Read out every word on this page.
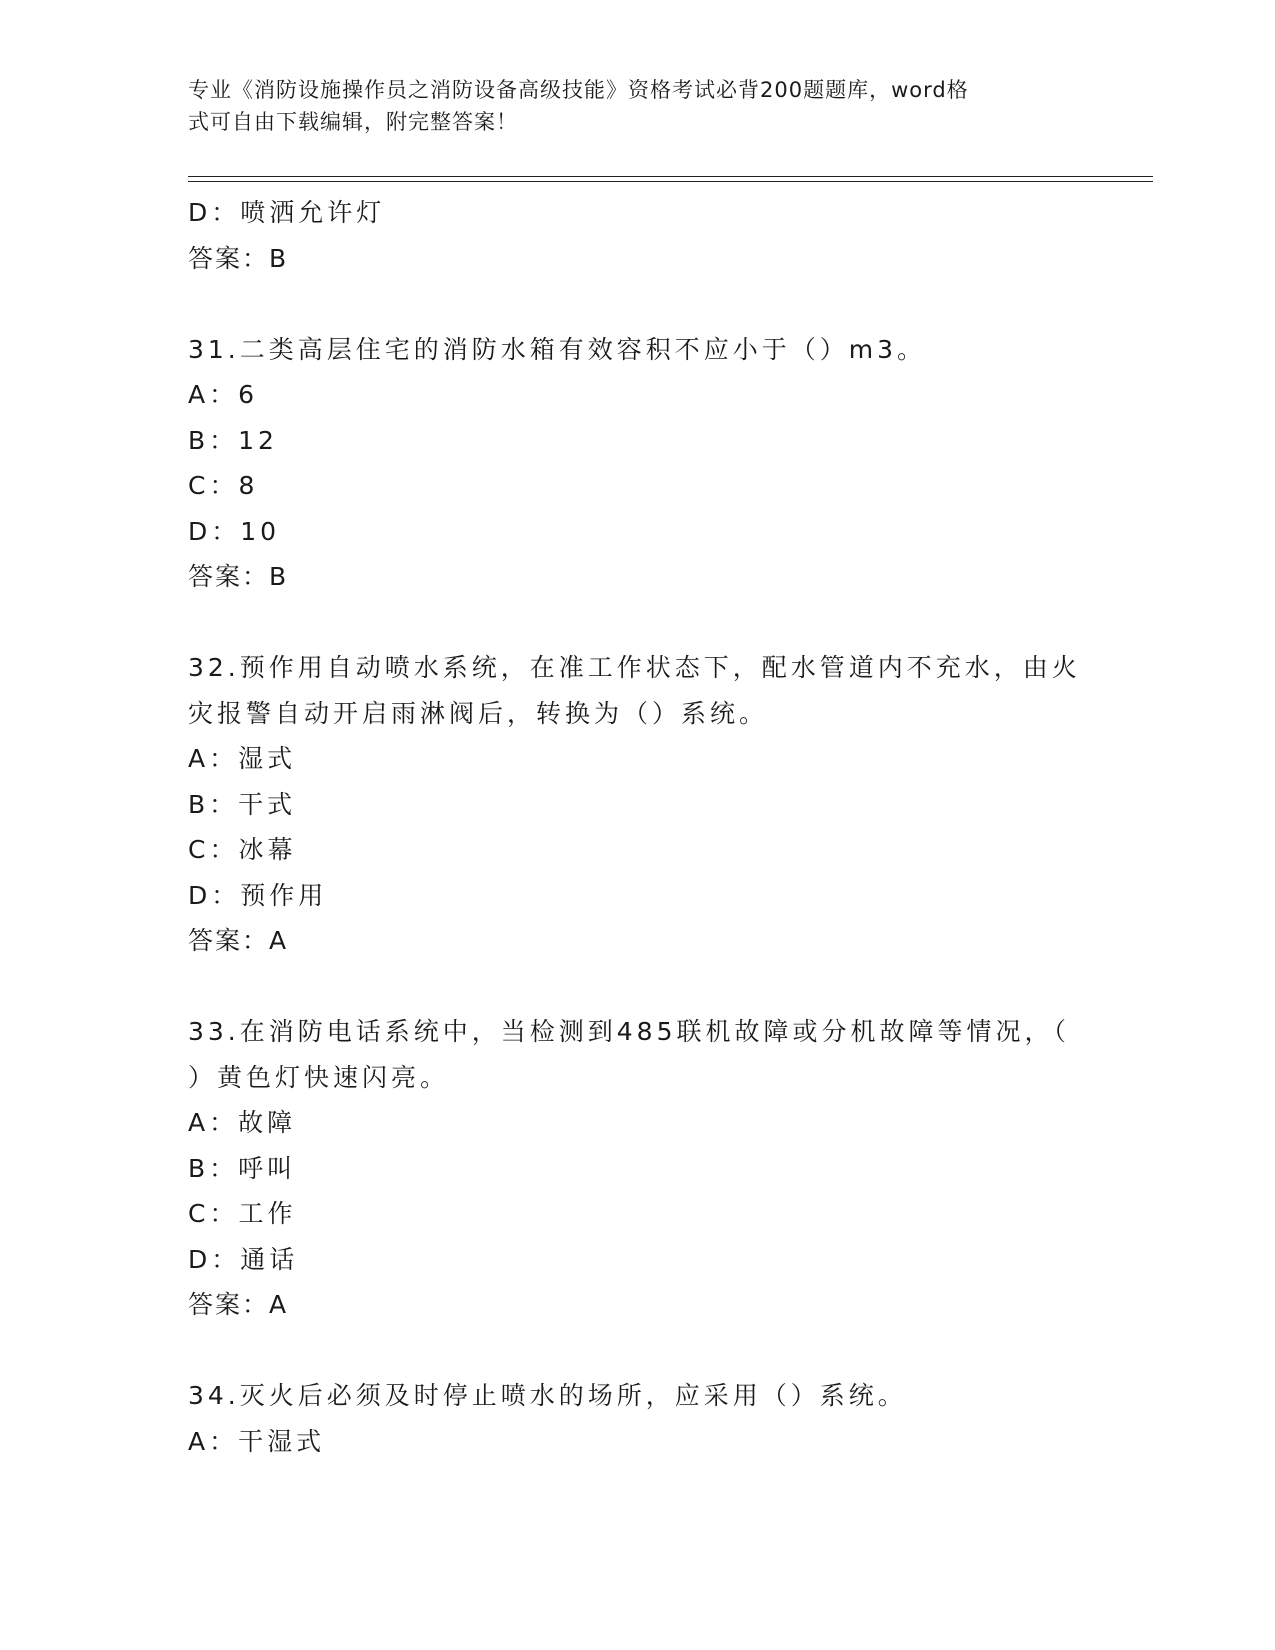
专业《消防设施操作员之消防设备高级技能》资格考试必背200题题库，word格
式可自由下载编辑，附完整答案！
D：喷洒允许灯
答案：B
31.二类高层住宅的消防水箱有效容积不应小于（）m3。
A：6
B：12
C：8
D：10
答案：B
32.预作用自动喷水系统，在准工作状态下，配水管道内不充水，由火
灾报警自动开启雨淋阀后，转换为（）系统。
A：湿式
B：干式
C：冰幕
D：预作用
答案：A
33.在消防电话系统中，当检测到485联机故障或分机故障等情况，（
）黄色灯快速闪亮。
A：故障
B：呼叫
C：工作
D：通话
答案：A
34.灭火后必须及时停止喷水的场所，应采用（）系统。
A：干湿式
